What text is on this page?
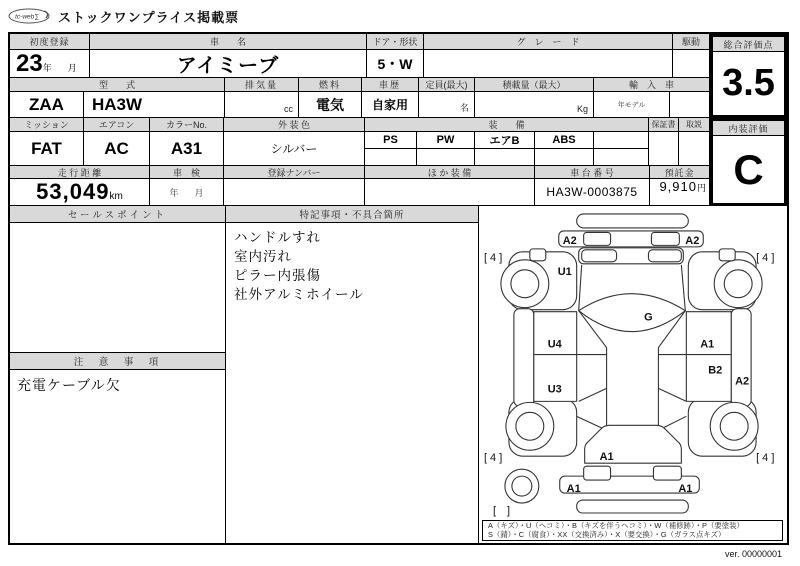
tc-web∑ ストックワンプライス掲載票
初度登録	車　　名	ドア・形状	グ　レ　ー　ド	駆動
23 年 月	アイミーブ	5・W
型　　式	排気量	燃料	車歴	定員(最大)	積載量（最大）	輸　入　車
ZAA	HA3W	cc	電気	自家用	名	Kg	年モデル
ミッション	エアコン	カラーNo.	外 装 色	装　　備	保証書	取説
FAT	AC	A31	シルバー
PS	PW	エアB	ABS
走 行 距 離	車　検	登録ナンバー	ほ か 装 備	車 台 番 号	預託金
53,049 km	年 月	HA3W-0003875	9,910 円
総合評価点
3.5
内装評価
C
セールスポイント
注　意　事　項
充電ケーブル欠
特記事項・不具合箇所
ハンドルすれ
室内汚れ
ピラー内張傷
社外アルミホイール
A2	A2
U1
G
U4
U3
A1
B2
A2
A1
A1	A1
[ 4 ]	[ 4 ]
[ 4 ]	[ 4 ]
[　]
A（キズ）・U（ヘコミ）・B（キズを伴うヘコミ）・W（補修跡）・P（要塗装）
S（錆）・C（腐食）・XX（交換済み）・X（要交換）・G（ガラス点キズ）
ver. 00000001
